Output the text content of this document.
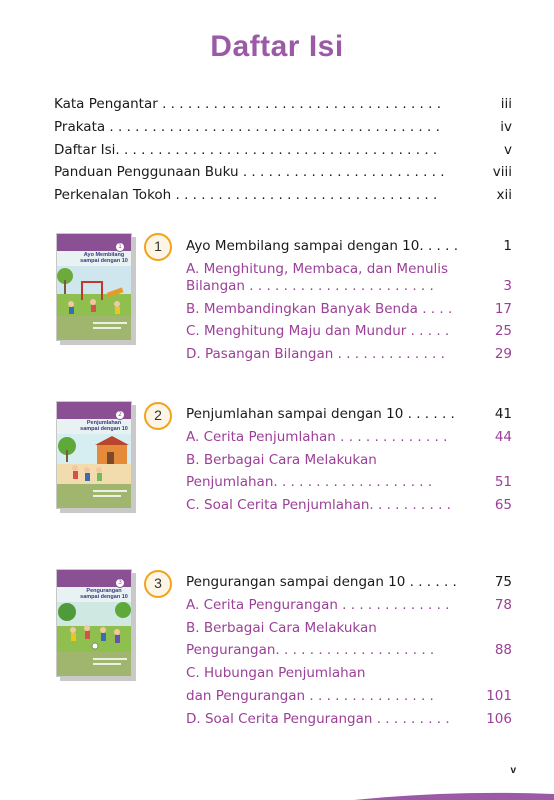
Daftar Isi
Kata Pengantar . . . . . . . . . . . . . . . . . . . . . . . . . . . . . . . . .	iii
Prakata . . . . . . . . . . . . . . . . . . . . . . . . . . . . . . . . . . . . . . .	iv
Daftar Isi. . . . . . . . . . . . . . . . . . . . . . . . . . . . . . . . . . . . . .	v
Panduan Penggunaan Buku . . . . . . . . . . . . . . . . . . . . . . . .	viii
Perkenalan Tokoh . . . . . . . . . . . . . . . . . . . . . . . . . . . . . . .	xii
1
Ayo Membilang sampai dengan 10
1	Ayo Membilang sampai dengan 10. . . . .	1
A. Menghitung, Membaca, dan Menulis
Bilangan . . . . . . . . . . . . . . . . . . . . . .	3
B. Membandingkan Banyak Benda . . . .	17
C. Menghitung Maju dan Mundur . . . . .	25
D. Pasangan Bilangan . . . . . . . . . . . . .	29
2
Penjumlahan sampai dengan 10
2	Penjumlahan sampai dengan 10 . . . . . .	41
A. Cerita Penjumlahan . . . . . . . . . . . . .	44
B. Berbagai Cara Melakukan
Penjumlahan. . . . . . . . . . . . . . . . . . .	51
C. Soal Cerita Penjumlahan. . . . . . . . . .	65
3
Pengurangan sampai dengan 10
3	Pengurangan sampai dengan 10 . . . . . .	75
A. Cerita Pengurangan . . . . . . . . . . . . .	78
B. Berbagai Cara Melakukan
Pengurangan. . . . . . . . . . . . . . . . . . .	88
C. Hubungan Penjumlahan
dan Pengurangan . . . . . . . . . . . . . . .	101
D. Soal Cerita Pengurangan . . . . . . . . .	106
v
